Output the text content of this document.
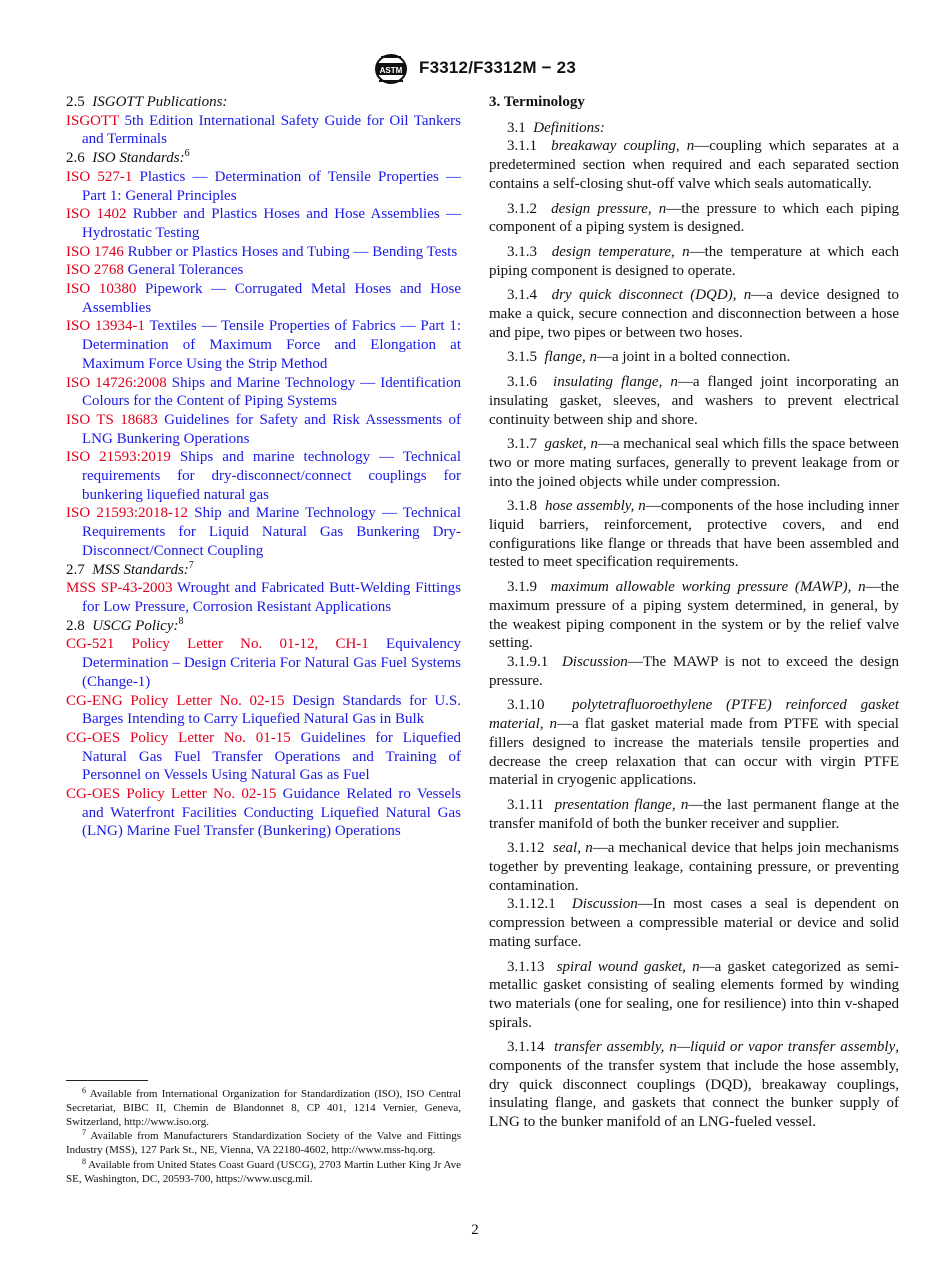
ASTM F3312/F3312M − 23

2.5 ISGOTT Publications:

ISGOTT 5th Edition International Safety Guide for Oil Tankers and Terminals

2.6 ISO Standards:$^6$

ISO 527-1 Plastics — Determination of Tensile Properties — Part 1: General Principles

ISO 1402 Rubber and Plastics Hoses and Hose Assemblies — Hydrostatic Testing

ISO 1746 Rubber or Plastics Hoses and Tubing — Bending Tests

ISO 2768 General Tolerances

ISO 10380 Pipework — Corrugated Metal Hoses and Hose Assemblies

ISO 13934-1 Textiles — Tensile Properties of Fabrics — Part 1: Determination of Maximum Force and Elongation at Maximum Force Using the Strip Method

ISO 14726:2008 Ships and Marine Technology — Identification Colours for the Content of Piping Systems

ISO TS 18683 Guidelines for Safety and Risk Assessments of LNG Bunkering Operations

ISO 21593:2019 Ships and marine technology — Technical requirements for dry-disconnect/connect couplings for bunkering liquefied natural gas

ISO 21593:2018-12 Ship and Marine Technology — Technical Requirements for Liquid Natural Gas Bunkering Dry-Disconnect/Connect Coupling

2.7 MSS Standards:$^7$

MSS SP-43-2003 Wrought and Fabricated Butt-Welding Fittings for Low Pressure, Corrosion Resistant Applications

2.8 USCG Policy:$^8$

CG-521 Policy Letter No. 01-12, CH-1 Equivalency Determination – Design Criteria For Natural Gas Fuel Systems (Change-1)

CG-ENG Policy Letter No. 02-15 Design Standards for U.S. Barges Intending to Carry Liquefied Natural Gas in Bulk

CG-OES Policy Letter No. 01-15 Guidelines for Liquefied Natural Gas Fuel Transfer Operations and Training of Personnel on Vessels Using Natural Gas as Fuel

CG-OES Policy Letter No. 02-15 Guidance Related ro Vessels and Waterfront Facilities Conducting Liquefied Natural Gas (LNG) Marine Fuel Transfer (Bunkering) Operations

3. Terminology

3.1 Definitions:

3.1.1 breakaway coupling, n—coupling which separates at a predetermined section when required and each separated section contains a self-closing shut-off valve which seals automatically.

3.1.2 design pressure, n—the pressure to which each piping component of a piping system is designed.

3.1.3 design temperature, n—the temperature at which each piping component is designed to operate.

3.1.4 dry quick disconnect (DQD), n—a device designed to make a quick, secure connection and disconnection between a hose and pipe, two pipes or between two hoses.

3.1.5 flange, n—a joint in a bolted connection.

3.1.6 insulating flange, n—a flanged joint incorporating an insulating gasket, sleeves, and washers to prevent electrical continuity between ship and shore.

3.1.7 gasket, n—a mechanical seal which fills the space between two or more mating surfaces, generally to prevent leakage from or into the joined objects while under compression.

3.1.8 hose assembly, n—components of the hose including inner liquid barriers, reinforcement, protective covers, and end configurations like flange or threads that have been assembled and tested to meet specification requirements.

3.1.9 maximum allowable working pressure (MAWP), n—the maximum pressure of a piping system determined, in general, by the weakest piping component in the system or by the relief valve setting.

3.1.9.1 Discussion—The MAWP is not to exceed the design pressure.

3.1.10 polytetrafluoroethylene (PTFE) reinforced gasket material, n—a flat gasket material made from PTFE with special fillers designed to increase the materials tensile properties and decrease the creep relaxation that can occur with virgin PTFE material in cryogenic applications.

3.1.11 presentation flange, n—the last permanent flange at the transfer manifold of both the bunker receiver and supplier.

3.1.12 seal, n—a mechanical device that helps join mechanisms together by preventing leakage, containing pressure, or preventing contamination.

3.1.12.1 Discussion—In most cases a seal is dependent on compression between a compressible material or device and solid mating surface.

3.1.13 spiral wound gasket, n—a gasket categorized as semi-metallic gasket consisting of sealing elements formed by winding two materials (one for sealing, one for resilience) into thin v-shaped spirals.

3.1.14 transfer assembly, n—liquid or vapor transfer assembly, components of the transfer system that include the hose assembly, dry quick disconnect couplings (DQD), breakaway couplings, insulating flange, and gaskets that connect the bunker supply of LNG to the bunker manifold of an LNG-fueled vessel.

$^6$ Available from International Organization for Standardization (ISO), ISO Central Secretariat, BIBC II, Chemin de Blandonnet 8, CP 401, 1214 Vernier, Geneva, Switzerland, http://www.iso.org.

$^7$ Available from Manufacturers Standardization Society of the Valve and Fittings Industry (MSS), 127 Park St., NE, Vienna, VA 22180-4602, http://www.mss-hq.org.

$^8$ Available from United States Coast Guard (USCG), 2703 Martin Luther King Jr Ave SE, Washington, DC, 20593-700, https://www.uscg.mil.

2
